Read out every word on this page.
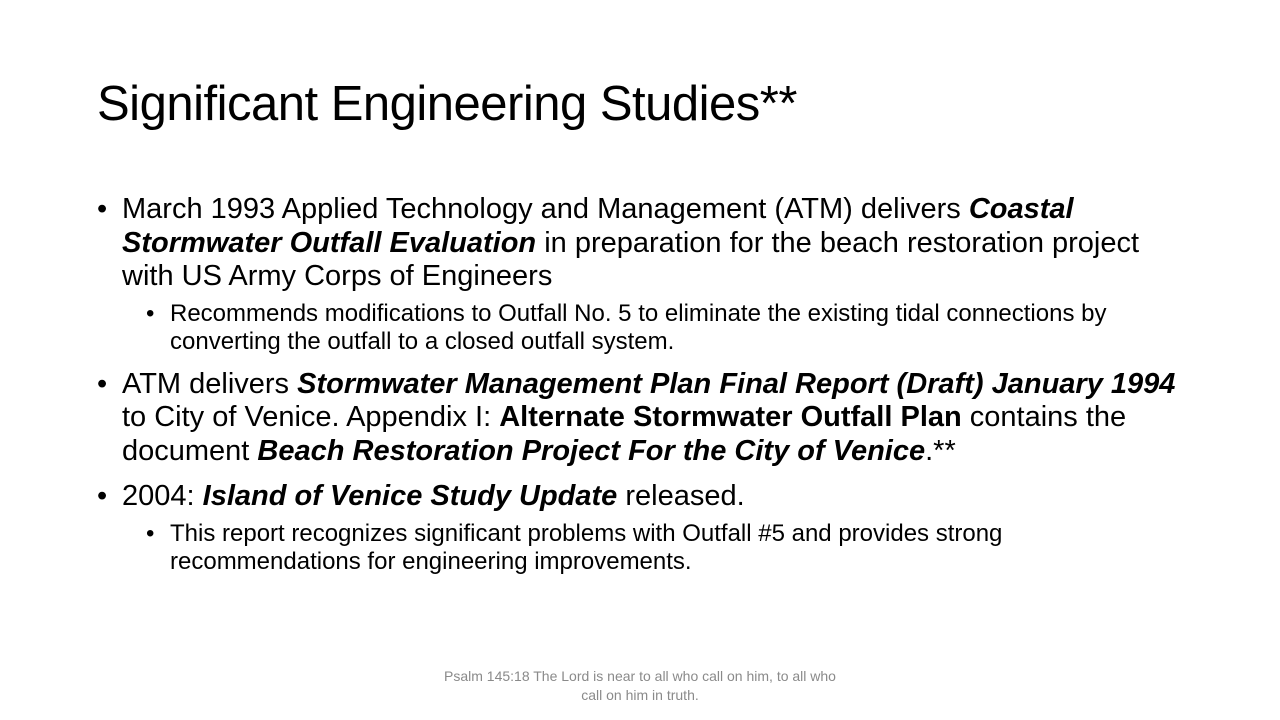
Significant Engineering Studies**

• March 1993 Applied Technology and Management (ATM) delivers Coastal Stormwater Outfall Evaluation in preparation for the beach restoration project with US Army Corps of Engineers

• Recommends modifications to Outfall No. 5 to eliminate the existing tidal connections by converting the outfall to a closed outfall system.

• ATM delivers Stormwater Management Plan Final Report (Draft) January 1994 to City of Venice. Appendix I: Alternate Stormwater Outfall Plan contains the document Beach Restoration Project For the City of Venice.**

• 2004: Island of Venice Study Update released.

• This report recognizes significant problems with Outfall #5 and provides strong recommendations for engineering improvements.

Psalm 145:18 The Lord is near to all who call on him, to all who call on him in truth.
